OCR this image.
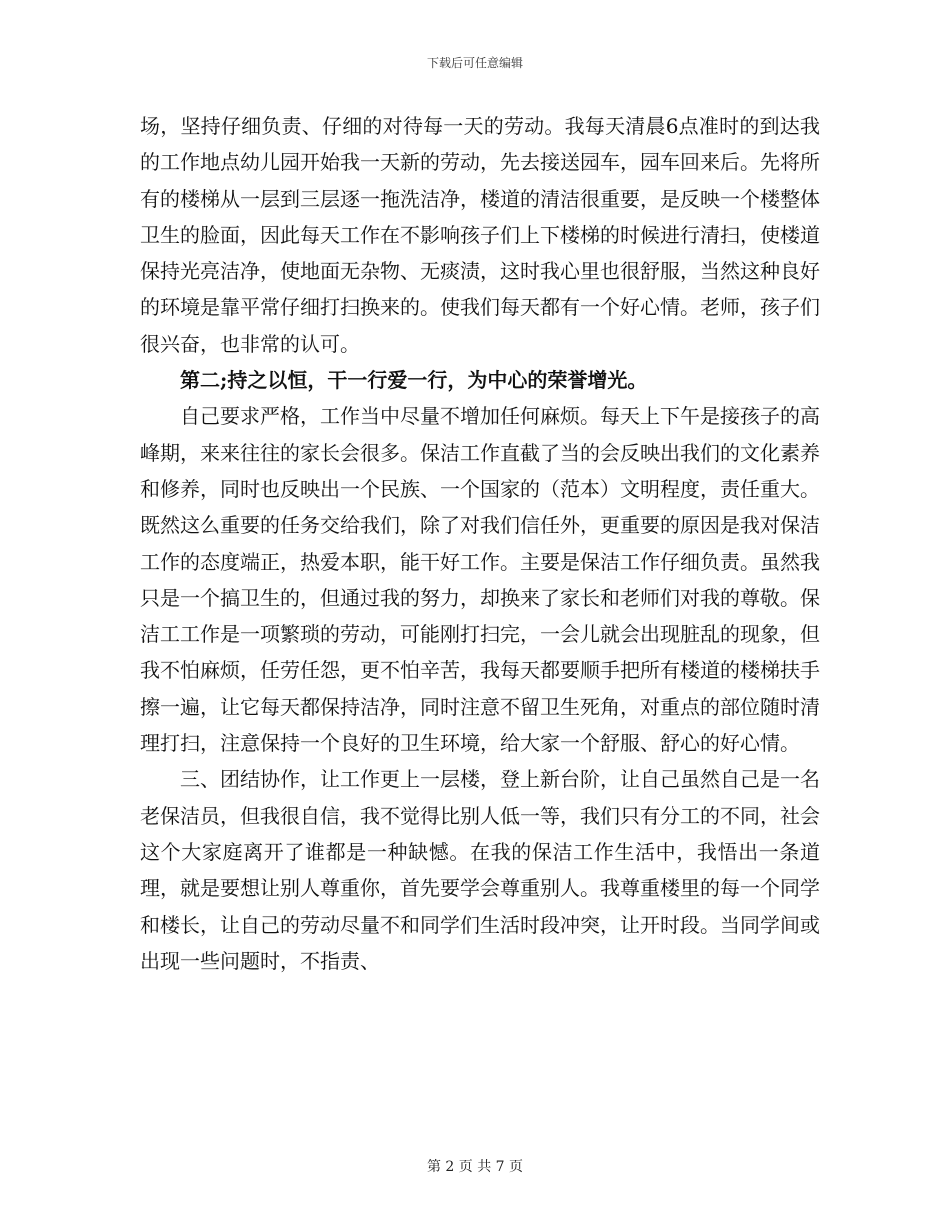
下载后可任意编辑

场，坚持仔细负责、仔细的对待每一天的劳动。我每天清晨6点准时的到达我的工作地点幼儿园开始我一天新的劳动，先去接送园车，园车回来后。先将所有的楼梯从一层到三层逐一拖洗洁净，楼道的清洁很重要，是反映一个楼整体卫生的脸面，因此每天工作在不影响孩子们上下楼梯的时候进行清扫，使楼道保持光亮洁净，使地面无杂物、无痰渍，这时我心里也很舒服，当然这种良好的环境是靠平常仔细打扫换来的。使我们每天都有一个好心情。老师，孩子们很兴奋，也非常的认可。

第二;持之以恒，干一行爱一行，为中心的荣誉增光。

自己要求严格，工作当中尽量不增加任何麻烦。每天上下午是接孩子的高峰期，来来往往的家长会很多。保洁工作直截了当的会反映出我们的文化素养和修养，同时也反映出一个民族、一个国家的（范本）文明程度，责任重大。既然这么重要的任务交给我们，除了对我们信任外，更重要的原因是我对保洁工作的态度端正，热爱本职，能干好工作。主要是保洁工作仔细负责。虽然我只是一个搞卫生的，但通过我的努力，却换来了家长和老师们对我的尊敬。保洁工工作是一项繁琐的劳动，可能刚打扫完，一会儿就会出现脏乱的现象，但我不怕麻烦，任劳任怨，更不怕辛苦，我每天都要顺手把所有楼道的楼梯扶手擦一遍，让它每天都保持洁净，同时注意不留卫生死角，对重点的部位随时清理打扫，注意保持一个良好的卫生环境，给大家一个舒服、舒心的好心情。

三、团结协作，让工作更上一层楼，登上新台阶，让自己虽然自己是一名老保洁员，但我很自信，我不觉得比别人低一等，我们只有分工的不同，社会这个大家庭离开了谁都是一种缺憾。在我的保洁工作生活中，我悟出一条道理，就是要想让别人尊重你，首先要学会尊重别人。我尊重楼里的每一个同学和楼长，让自己的劳动尽量不和同学们生活时段冲突，让开时段。当同学间或出现一些问题时，不指责、

第 2 页 共 7 页
